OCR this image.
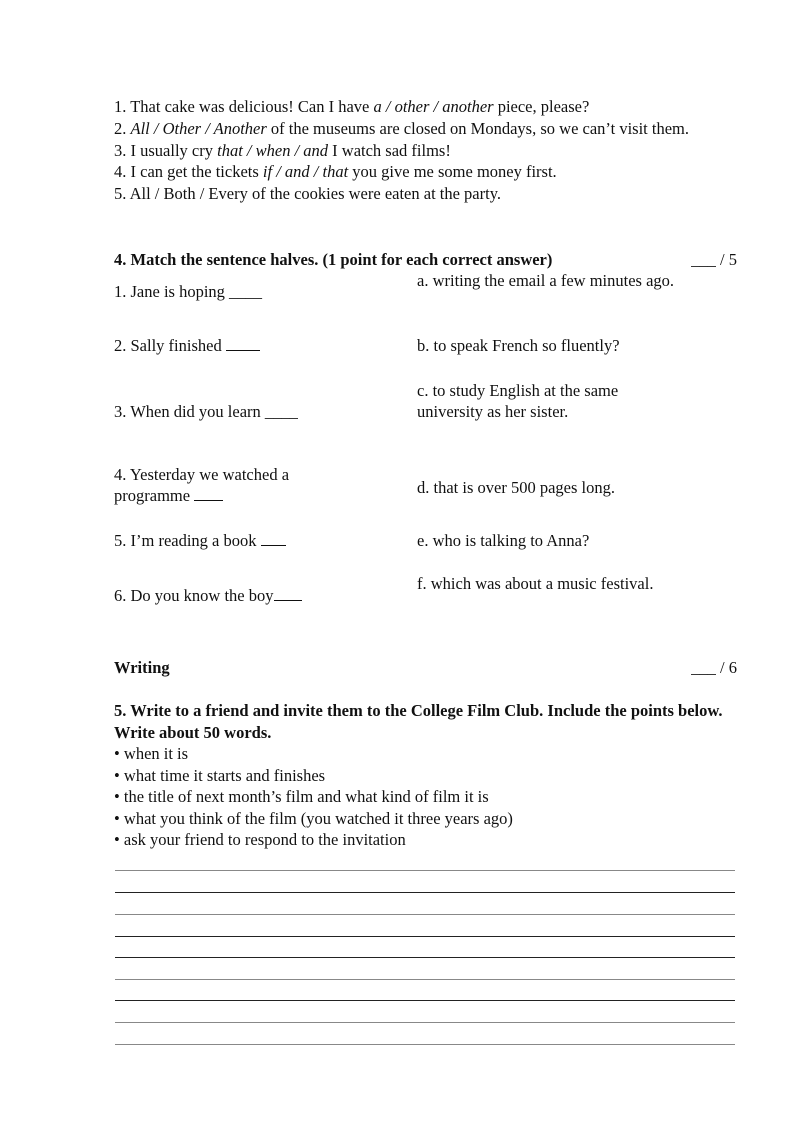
1. That cake was delicious! Can I have a / other / another piece, please?

2. All / Other / Another of the museums are closed on Mondays, so we can’t visit them.

3. I usually cry that / when / and I watch sad films!

4. I can get the tickets if / and / that you give me some money first.

5. All / Both / Every of the cookies were eaten at the party.

4. Match the sentence halves. (1 point for each correct answer)	___ / 5
1. Jane is hoping ____
2. Sally finished
3. When did you learn ____
4. Yesterday we watched a programme
5. I’m reading a book
6. Do you know the boy
a. writing the email a few minutes ago.
b. to speak French so fluently?
c. to study English at the same university as her sister.
d. that is over 500 pages long.
e. who is talking to Anna?
f. which was about a music festival.
Writing	___ / 6

5. Write to a friend and invite them to the College Film Club. Include the points below. Write about 50 words.

• when it is

• what time it starts and finishes

• the title of next month’s film and what kind of film it is

• what you think of the film (you watched it three years ago)

• ask your friend to respond to the invitation
